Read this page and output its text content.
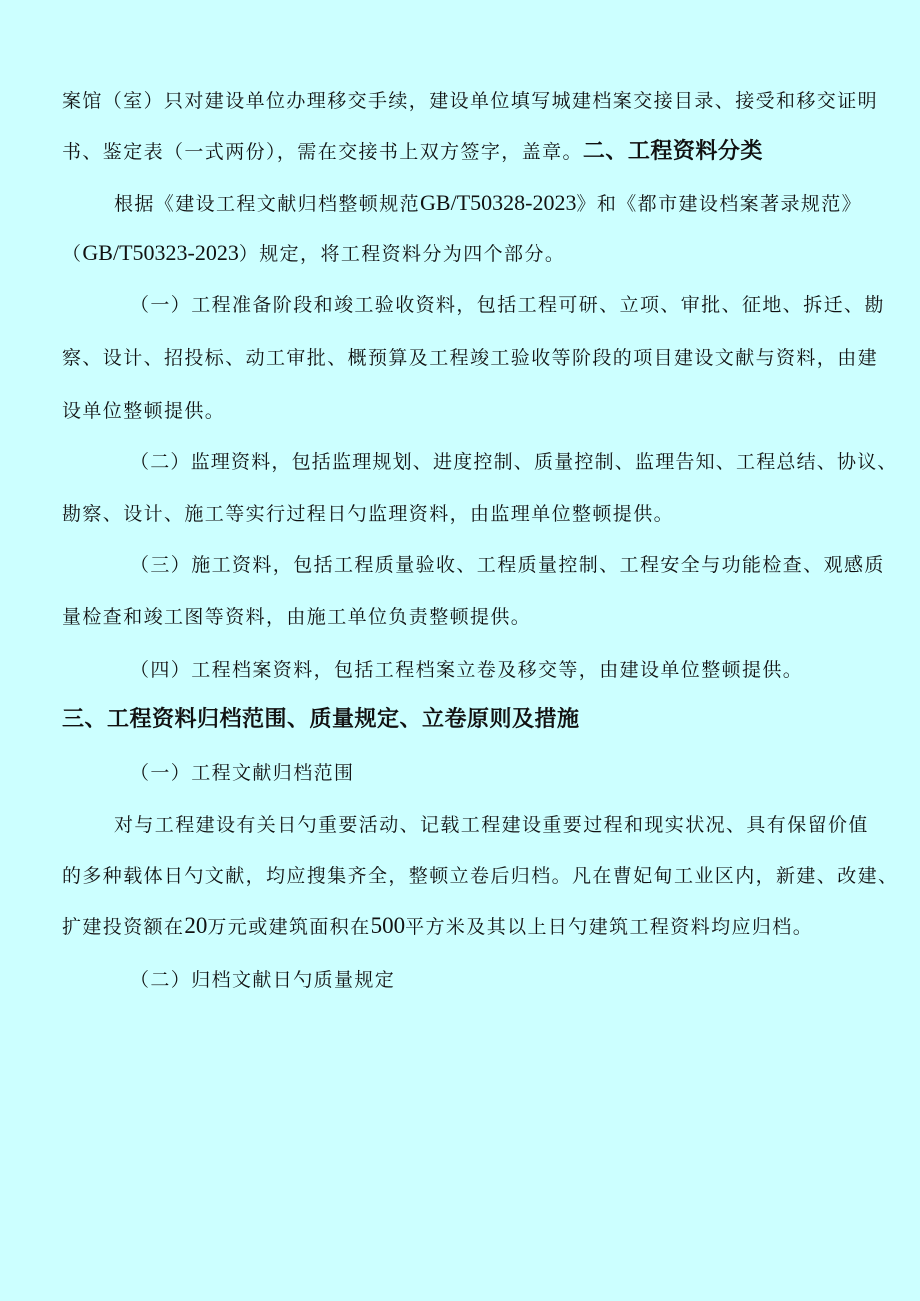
案馆（室）只对建设单位办理移交手续，建设单位填写城建档案交接目录、接受和移交证明
书、鉴定表（一式两份），需在交接书上双方签字，盖章。二、工程资料分类
根据《建设工程文献归档整顿规范GB/T50328-2023》和《都市建设档案著录规范》
（GB/T50323-2023）规定，将工程资料分为四个部分。
（一）工程准备阶段和竣工验收资料，包括工程可研、立项、审批、征地、拆迁、勘
察、设计、招投标、动工审批、概预算及工程竣工验收等阶段的项目建设文献与资料，由建
设单位整顿提供。
（二）监理资料，包括监理规划、进度控制、质量控制、监理告知、工程总结、协议、
勘察、设计、施工等实行过程日勺监理资料，由监理单位整顿提供。
（三）施工资料，包括工程质量验收、工程质量控制、工程安全与功能检查、观感质
量检查和竣工图等资料，由施工单位负责整顿提供。
（四）工程档案资料，包括工程档案立卷及移交等，由建设单位整顿提供。
三、工程资料归档范围、质量规定、立卷原则及措施
（一）工程文献归档范围
对与工程建设有关日勺重要活动、记载工程建设重要过程和现实状况、具有保留价值
的多种载体日勺文献，均应搜集齐全，整顿立卷后归档。凡在曹妃甸工业区内，新建、改建、
扩建投资额在20万元或建筑面积在500平方米及其以上日勺建筑工程资料均应归档。
（二）归档文献日勺质量规定
